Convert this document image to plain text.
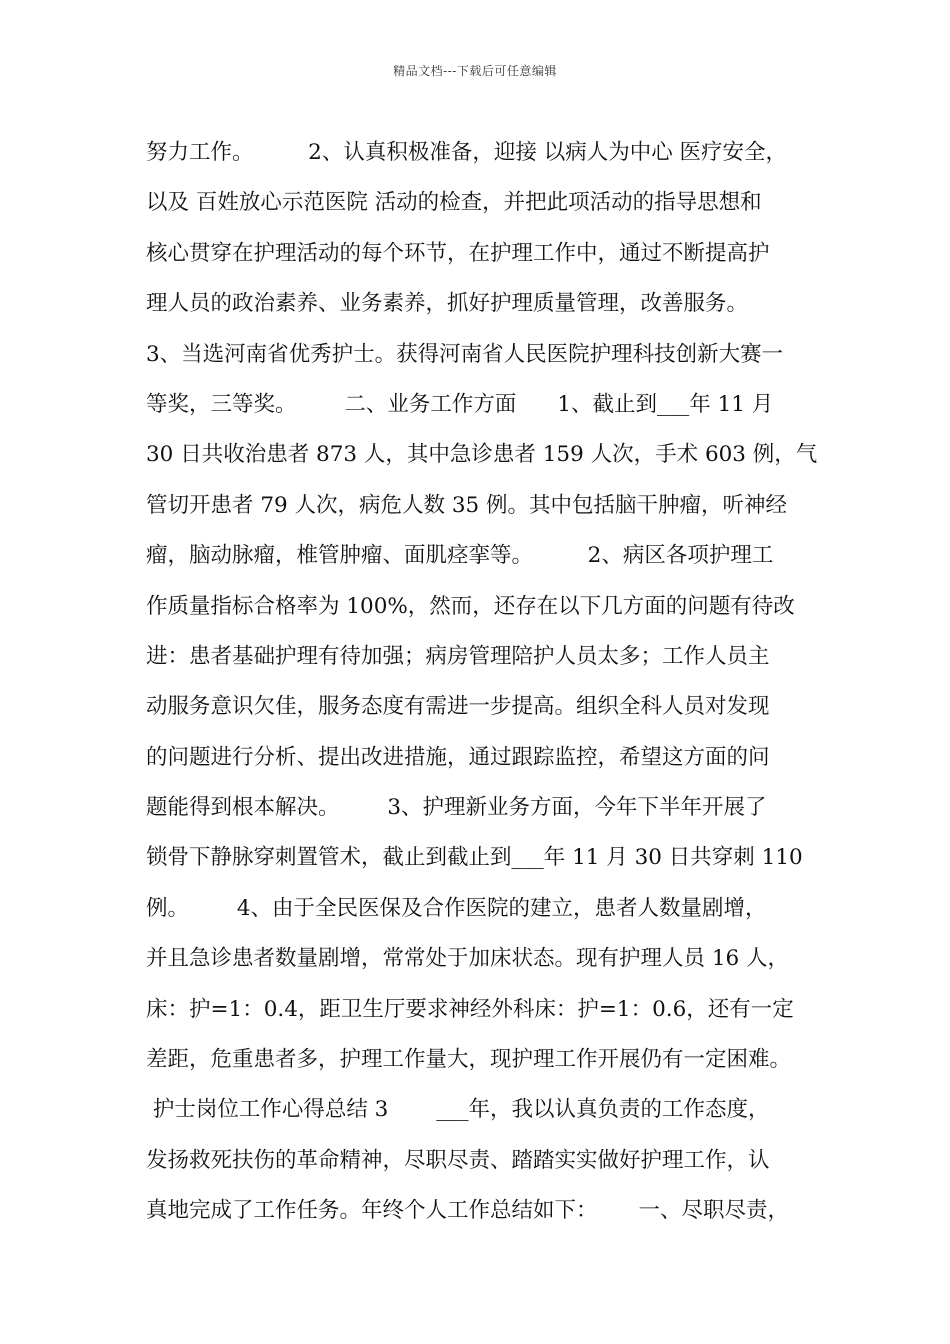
精品文档---下载后可任意编辑
努力工作。        2、认真积极准备，迎接 以病人为中心 医疗安全，
以及 百姓放心示范医院 活动的检查，并把此项活动的指导思想和
核心贯穿在护理活动的每个环节，在护理工作中，通过不断提高护
理人员的政治素养、业务素养，抓好护理质量管理，改善服务。
3、当选河南省优秀护士。获得河南省人民医院护理科技创新大赛一
等奖，三等奖。       二、业务工作方面      1、截止到___年 11 月
30 日共收治患者 873 人，其中急诊患者 159 人次，手术 603 例，气
管切开患者 79 人次，病危人数 35 例。其中包括脑干肿瘤，听神经
瘤，脑动脉瘤，椎管肿瘤、面肌痉挛等。        2、病区各项护理工
作质量指标合格率为 100%，然而，还存在以下几方面的问题有待改
进：患者基础护理有待加强；病房管理陪护人员太多；工作人员主
动服务意识欠佳，服务态度有需进一步提高。组织全科人员对发现
的问题进行分析、提出改进措施，通过跟踪监控，希望这方面的问
题能得到根本解决。       3、护理新业务方面，今年下半年开展了
锁骨下静脉穿刺置管术，截止到截止到___年 11 月 30 日共穿刺 110
例。       4、由于全民医保及合作医院的建立，患者人数量剧增，
并且急诊患者数量剧增，常常处于加床状态。现有护理人员 16 人，
床：护=1：0.4，距卫生厅要求神经外科床：护=1：0.6，还有一定
差距，危重患者多，护理工作量大，现护理工作开展仍有一定困难。
护士岗位工作心得总结 3       ___年，我以认真负责的工作态度，
发扬救死扶伤的革命精神，尽职尽责、踏踏实实做好护理工作，认
真地完成了工作任务。年终个人工作总结如下：      一、尽职尽责，
